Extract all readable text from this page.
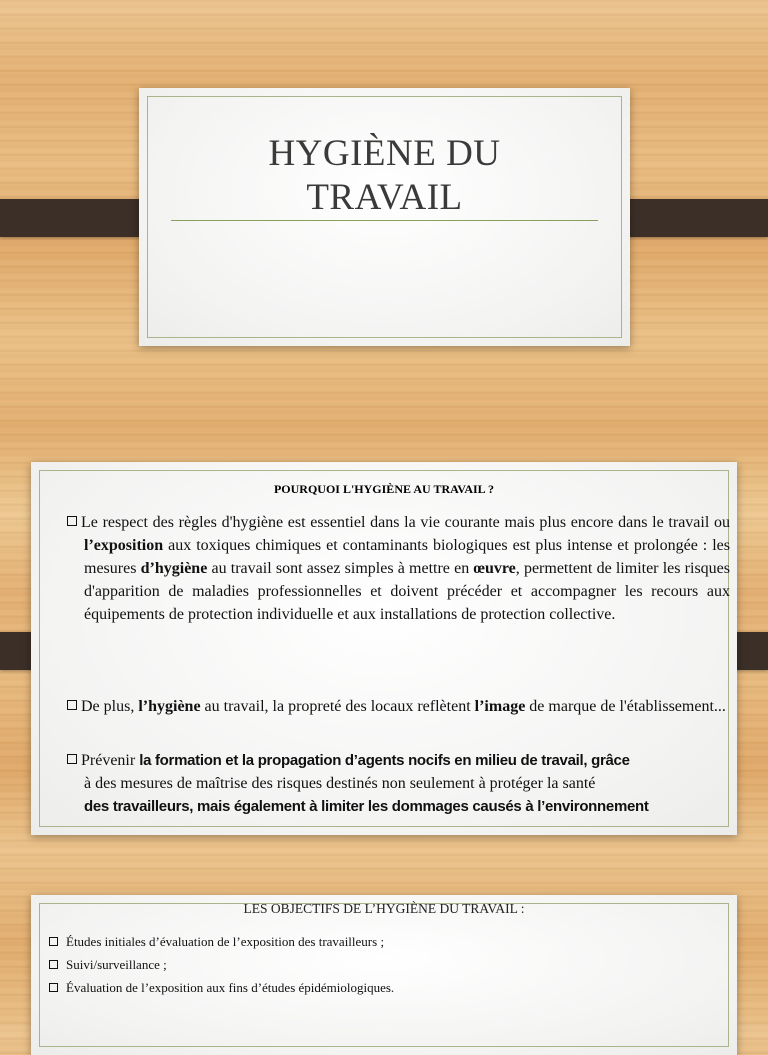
HYGIÈNE DU
TRAVAIL
POURQUOI L'HYGIÈNE AU TRAVAIL ?
Le respect des règles d'hygiène est essentiel dans la vie courante mais plus encore dans le travail ou l’exposition aux toxiques chimiques et contaminants biologiques est plus intense et prolongée : les mesures d’hygiène au travail sont assez simples à mettre en œuvre, permettent de limiter les risques d'apparition de maladies professionnelles et doivent précéder et accompagner les recours aux équipements de protection individuelle et aux installations de protection collective.
De plus, l’hygiène au travail, la propreté des locaux reflètent l’image de marque de l'établissement...
Prévenir la formation et la propagation d’agents nocifs en milieu de travail, grâce
à des mesures de maîtrise des risques destinés non seulement à protéger la santé
des travailleurs, mais également à limiter les dommages causés à l’environnement
LES OBJECTIFS DE L’HYGIÈNE DU TRAVAIL :
Études initiales d’évaluation de l’exposition des travailleurs ;
Suivi/surveillance ;
Évaluation de l’exposition aux fins d’études épidémiologiques.
